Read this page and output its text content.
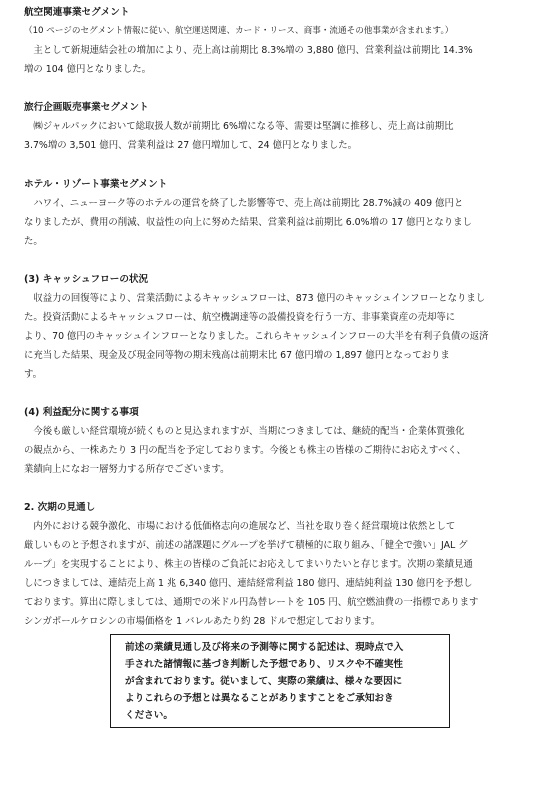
航空関連事業セグメント
（10 ページのセグメント情報に従い、航空運送関連、カード・リース、商事・流通その他事業が含まれます。）
　主として新規連結会社の増加により、売上高は前期比 8.3%増の 3,880 億円、営業利益は前期比 14.3%
増の 104 億円となりました。
旅行企画販売事業セグメント
　㈱ジャルパックにおいて総取扱人数が前期比 6%増になる等、需要は堅調に推移し、売上高は前期比
3.7%増の 3,501 億円、営業利益は 27 億円増加して、24 億円となりました。
ホテル・リゾート事業セグメント
　ハワイ、ニューヨーク等のホテルの運営を終了した影響等で、売上高は前期比 28.7%減の 409 億円と
なりましたが、費用の削減、収益性の向上に努めた結果、営業利益は前期比 6.0%増の 17 億円となりまし
た。
(3) キャッシュフローの状況
　収益力の回復等により、営業活動によるキャッシュフローは、873 億円のキャッシュインフローとなりまし
た。投資活動によるキャッシュフローは、航空機調達等の設備投資を行う一方、非事業資産の売却等に
より、70 億円のキャッシュインフローとなりました。これらキャッシュインフローの大半を有利子負債の返済
に充当した結果、現金及び現金同等物の期末残高は前期末比 67 億円増の 1,897 億円となっておりま
す。
(4) 利益配分に関する事項
　今後も厳しい経営環境が続くものと見込まれますが、当期につきましては、継続的配当・企業体質強化
の観点から、一株あたり 3 円の配当を予定しております。今後とも株主の皆様のご期待にお応えすべく、
業績向上になお一層努力する所存でございます。
2. 次期の見通し
　内外における競争激化、市場における低価格志向の進展など、当社を取り巻く経営環境は依然として
厳しいものと予想されますが、前述の諸課題にグループを挙げて積極的に取り組み、「健全で強い」JAL グ
ループ」を実現することにより、株主の皆様のご負託にお応えしてまいりたいと存じます。次期の業績見通
しにつきましては、連結売上高 1 兆 6,340 億円、連結経常利益 180 億円、連結純利益 130 億円を予想し
ております。算出に際しましては、通期での米ドル円為替レートを 105 円、航空燃油費の一指標であります
シンガポールケロシンの市場価格を 1 バレルあたり約 28 ドルで想定しております。
前述の業績見通し及び将来の予測等に関する記述は、現時点で入
手された諸情報に基づき判断した予想であり、リスクや不確実性
が含まれております。従いまして、実際の業績は、様々な要因に
よりこれらの予想とは異なることがありますことをご承知おき
ください。
